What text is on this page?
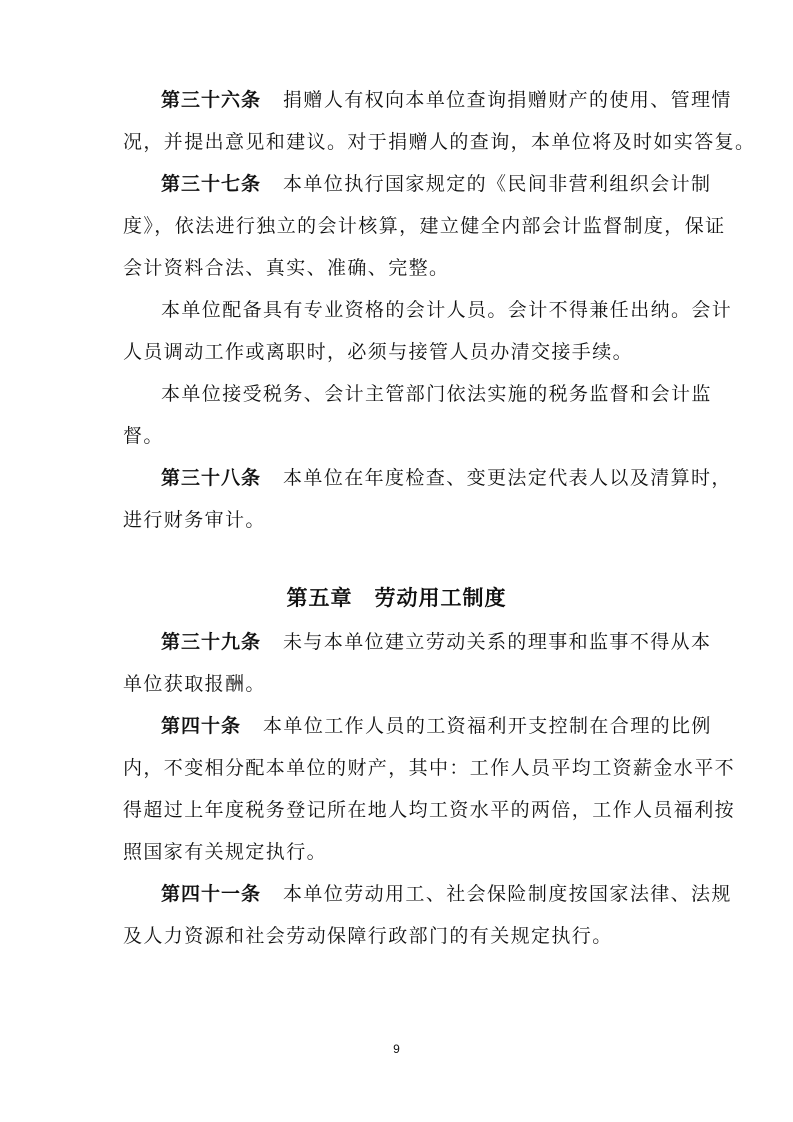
第三十六条 捐赠人有权向本单位查询捐赠财产的使用、管理情
况，并提出意见和建议。对于捐赠人的查询，本单位将及时如实答复。
第三十七条 本单位执行国家规定的《民间非营利组织会计制
度》，依法进行独立的会计核算，建立健全内部会计监督制度，保证
会计资料合法、真实、准确、完整。
本单位配备具有专业资格的会计人员。会计不得兼任出纳。会计
人员调动工作或离职时，必须与接管人员办清交接手续。
本单位接受税务、会计主管部门依法实施的税务监督和会计监
督。
第三十八条 本单位在年度检查、变更法定代表人以及清算时，
进行财务审计。
第五章 劳动用工制度
第三十九条 未与本单位建立劳动关系的理事和监事不得从本
单位获取报酬。
第四十条 本单位工作人员的工资福利开支控制在合理的比例
内，不变相分配本单位的财产，其中：工作人员平均工资薪金水平不
得超过上年度税务登记所在地人均工资水平的两倍，工作人员福利按
照国家有关规定执行。
第四十一条 本单位劳动用工、社会保险制度按国家法律、法规
及人力资源和社会劳动保障行政部门的有关规定执行。
9
